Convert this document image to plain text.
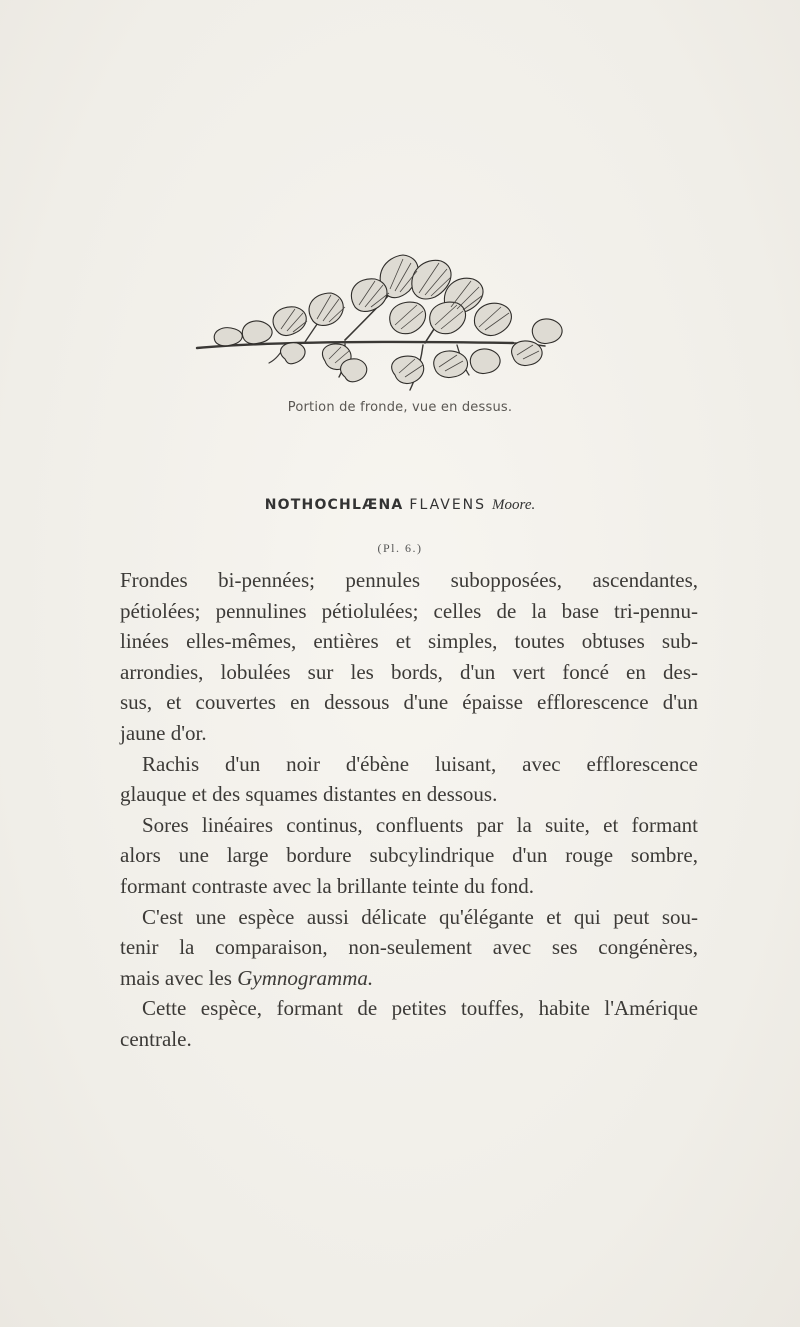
Portion de fronde, vue en dessus.
NOTHOCHLÆNA FLAVENS Moore.
(Pl. 6.)
Frondes bi-pennées; pennules subopposées, ascendantes,
pétiolées; pennulines pétiolulées; celles de la base tri-pennu-
linées elles-mêmes, entières et simples, toutes obtuses sub-
arrondies, lobulées sur les bords, d'un vert foncé en des-
sus, et couvertes en dessous d'une épaisse efflorescence d'un
jaune d'or.
Rachis d'un noir d'ébène luisant, avec efflorescence
glauque et des squames distantes en dessous.
Sores linéaires continus, confluents par la suite, et formant
alors une large bordure subcylindrique d'un rouge sombre,
formant contraste avec la brillante teinte du fond.
C'est une espèce aussi délicate qu'élégante et qui peut sou-
tenir la comparaison, non-seulement avec ses congénères,
mais avec les Gymnogramma.
Cette espèce, formant de petites touffes, habite l'Amérique
centrale.
